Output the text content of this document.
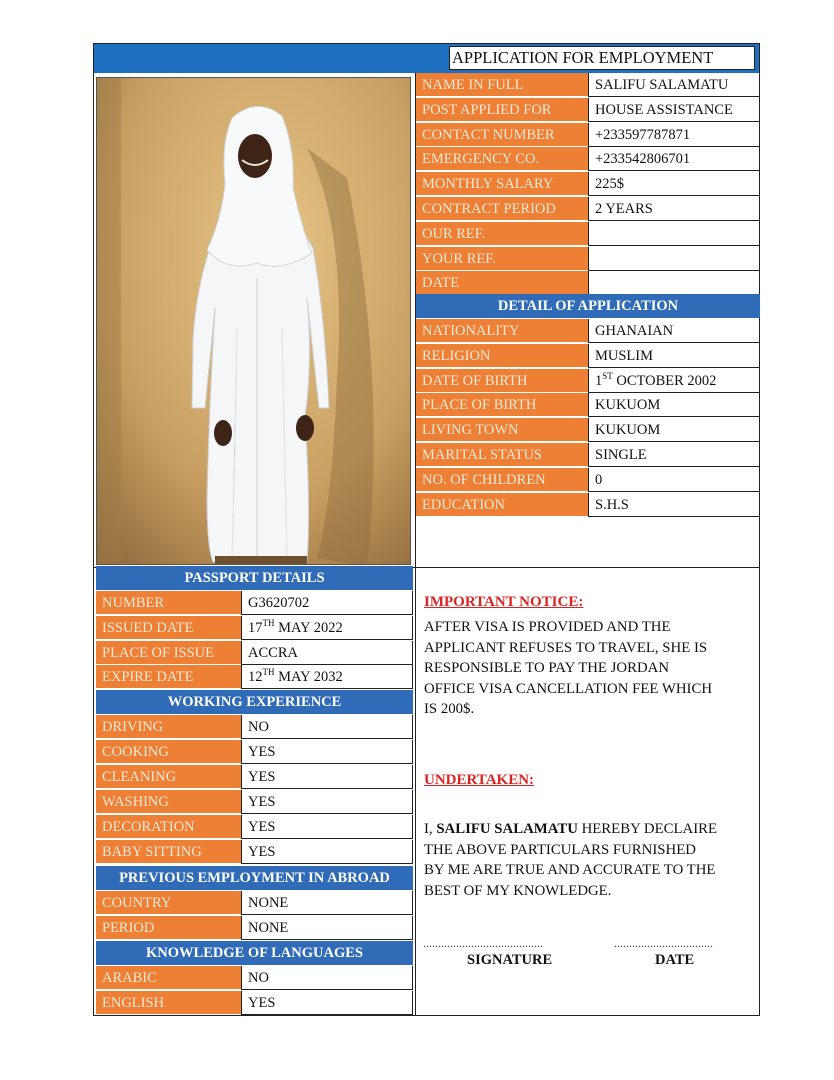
APPLICATION FOR EMPLOYMENT
NAME IN FULL	SALIFU SALAMATU
POST APPLIED FOR	HOUSE ASSISTANCE
CONTACT NUMBER	+233597787871
EMERGENCY CO.	+233542806701
MONTHLY SALARY	225$
CONTRACT PERIOD	2 YEARS
OUR REF.
YOUR REF.
DATE
DETAIL OF APPLICATION
NATIONALITY	GHANAIAN
RELIGION	MUSLIM
DATE OF BIRTH	1ST OCTOBER 2002
PLACE OF BIRTH	KUKUOM
LIVING TOWN	KUKUOM
MARITAL STATUS	SINGLE
NO. OF CHILDREN	0
EDUCATION	S.H.S
PASSPORT DETAILS
NUMBER	G3620702
ISSUED DATE	17TH MAY 2022
PLACE OF ISSUE	ACCRA
EXPIRE DATE	12TH MAY 2032
WORKING EXPERIENCE
DRIVING	NO
COOKING	YES
CLEANING	YES
WASHING	YES
DECORATION	YES
BABY SITTING	YES
PREVIOUS EMPLOYMENT IN ABROAD
COUNTRY	NONE
PERIOD	NONE
KNOWLEDGE OF LANGUAGES
ARABIC	NO
ENGLISH	YES
IMPORTANT NOTICE:
AFTER VISA IS PROVIDED AND THE
APPLICANT REFUSES TO TRAVEL, SHE IS
RESPONSIBLE TO PAY THE JORDAN
OFFICE VISA CANCELLATION FEE WHICH
IS 200$.
UNDERTAKEN:
I, SALIFU SALAMATU HEREBY DECLAIRE
THE ABOVE PARTICULARS FURNISHED
BY ME ARE TRUE AND ACCURATE TO THE
BEST OF MY KNOWLEDGE.
........................................	.................................
SIGNATURE	DATE
